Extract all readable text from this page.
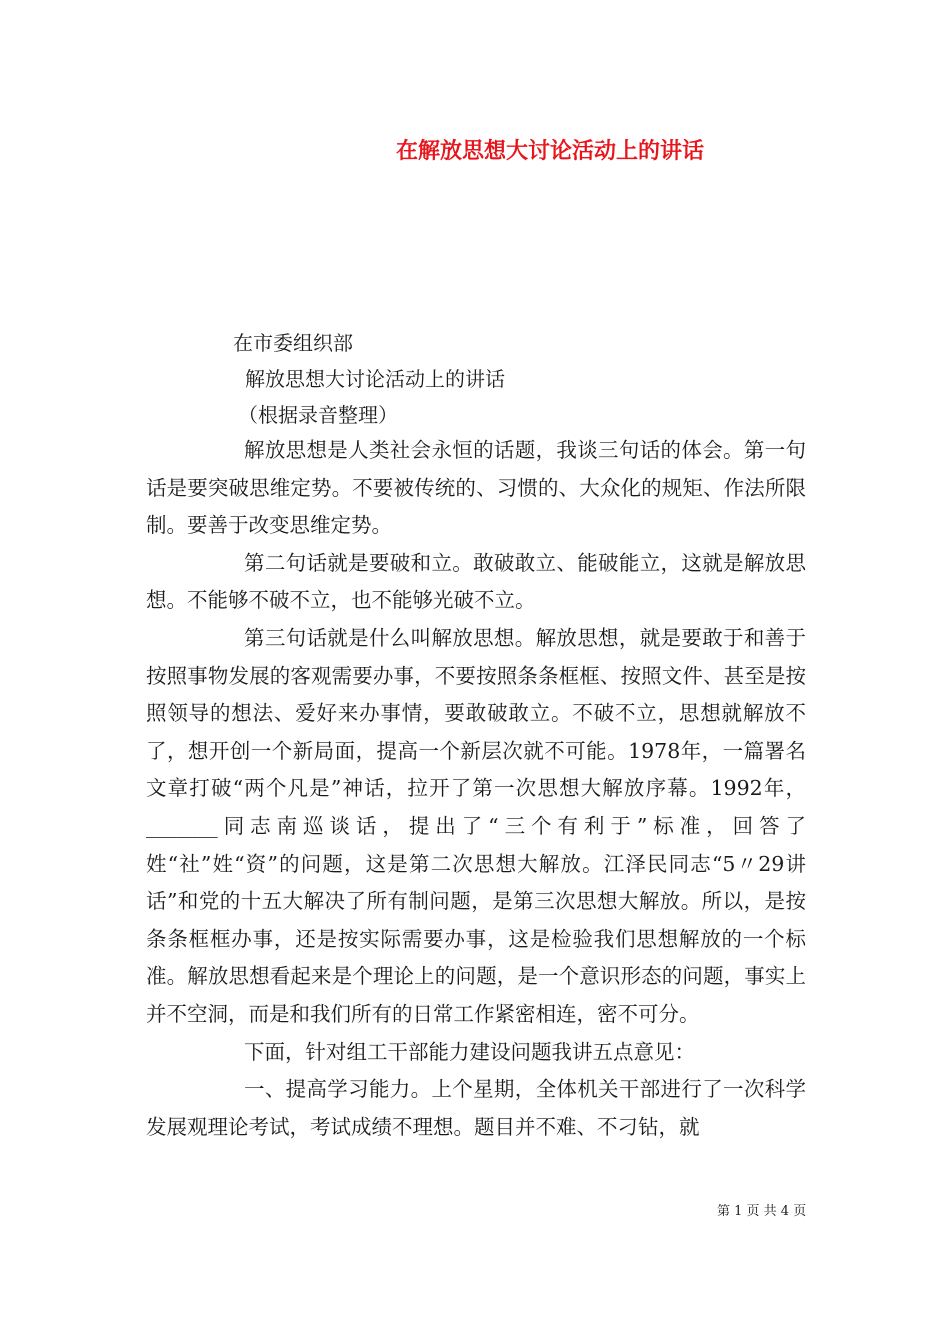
在解放思想大讨论活动上的讲话

在市委组织部

解放思想大讨论活动上的讲话

（根据录音整理）

解放思想是人类社会永恒的话题，我谈三句话的体会。第一句话是要突破思维定势。不要被传统的、习惯的、大众化的规矩、作法所限制。要善于改变思维定势。

第二句话就是要破和立。敢破敢立、能破能立，这就是解放思想。不能够不破不立，也不能够光破不立。

第三句话就是什么叫解放思想。解放思想，就是要敢于和善于按照事物发展的客观需要办事，不要按照条条框框、按照文件、甚至是按照领导的想法、爱好来办事情，要敢破敢立。不破不立，思想就解放不了，想开创一个新局面，提高一个新层次就不可能。1978年，一篇署名文章打破“两个凡是”神话，拉开了第一次思想大解放序幕。1992年，_______同志南巡谈话，提出了“三个有利于”标准，回答了姓“社”姓“资”的问题，这是第二次思想大解放。江泽民同志“5〃29讲话”和党的十五大解决了所有制问题，是第三次思想大解放。所以，是按条条框框办事，还是按实际需要办事，这是检验我们思想解放的一个标准。解放思想看起来是个理论上的问题，是一个意识形态的问题，事实上并不空洞，而是和我们所有的日常工作紧密相连，密不可分。

下面，针对组工干部能力建设问题我讲五点意见：

一、提高学习能力。上个星期，全体机关干部进行了一次科学发展观理论考试，考试成绩不理想。题目并不难、不刁钻，就

第 1 页 共 4 页
